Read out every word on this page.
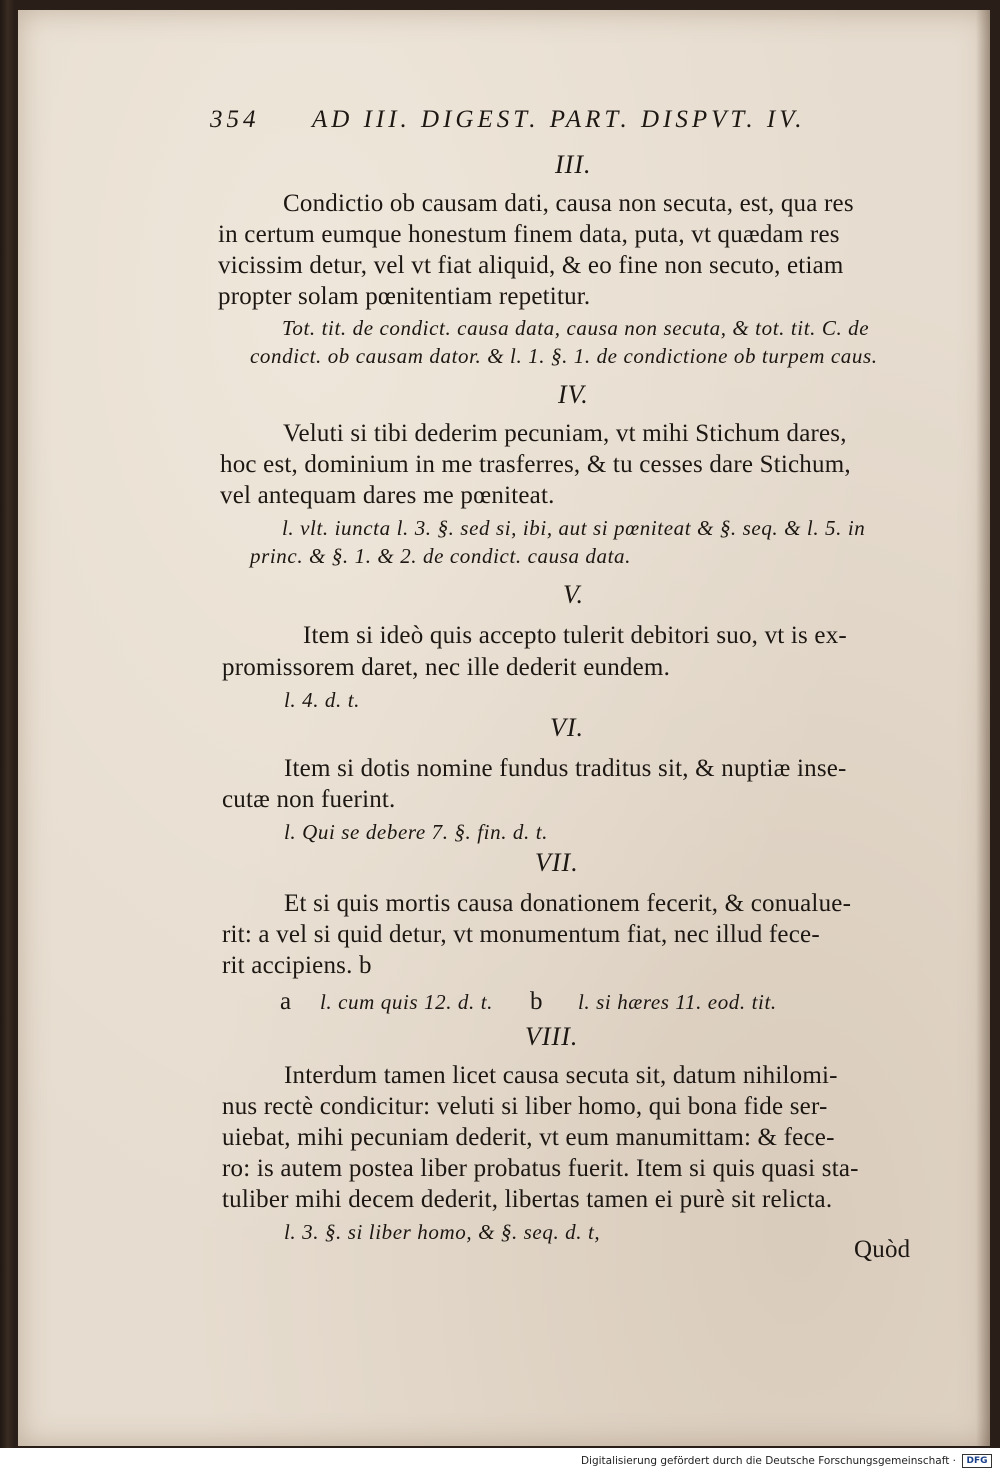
354 AD III. DIGEST. PART. DISPVT. IV.
III.
Condictio ob causam dati, causa non secuta, est, qua res
in certum eumque honestum finem data, puta, vt quædam res
vicissim detur, vel vt fiat aliquid, & eo fine non secuto, etiam
propter solam pœnitentiam repetitur.
Tot. tit. de condict. causa data, causa non secuta, & tot. tit. C. de
condict. ob causam dator. & l. 1. §. 1. de condictione ob turpem caus.
IV.
Veluti si tibi dederim pecuniam, vt mihi Stichum dares,
hoc est, dominium in me trasferres, & tu cesses dare Stichum,
vel antequam dares me pœniteat.
l. vlt. iuncta l. 3. §. sed si, ibi, aut si pœniteat & §. seq. & l. 5. in
princ. & §. 1. & 2. de condict. causa data.
V.
Item si ideò quis accepto tulerit debitori suo, vt is ex-
promissorem daret, nec ille dederit eundem.
l. 4. d. t.
VI.
Item si dotis nomine fundus traditus sit, & nuptiæ inse-
cutæ non fuerint.
l. Qui se debere 7. §. fin. d. t.
VII.
Et si quis mortis causa donationem fecerit, & conualue-
rit: a vel si quid detur, vt monumentum fiat, nec illud fece-
rit accipiens. b
a l. cum quis 12. d. t. b l. si hæres 11. eod. tit.
VIII.
Interdum tamen licet causa secuta sit, datum nihilomi-
nus rectè condicitur: veluti si liber homo, qui bona fide ser-
uiebat, mihi pecuniam dederit, vt eum manumittam: & fece-
ro: is autem postea liber probatus fuerit. Item si quis quasi sta-
tuliber mihi decem dederit, libertas tamen ei purè sit relicta.
l. 3. §. si liber homo, & §. seq. d. t,
Quòd
Digitalisierung gefördert durch die Deutsche Forschungsgemeinschaft ·	DFG
